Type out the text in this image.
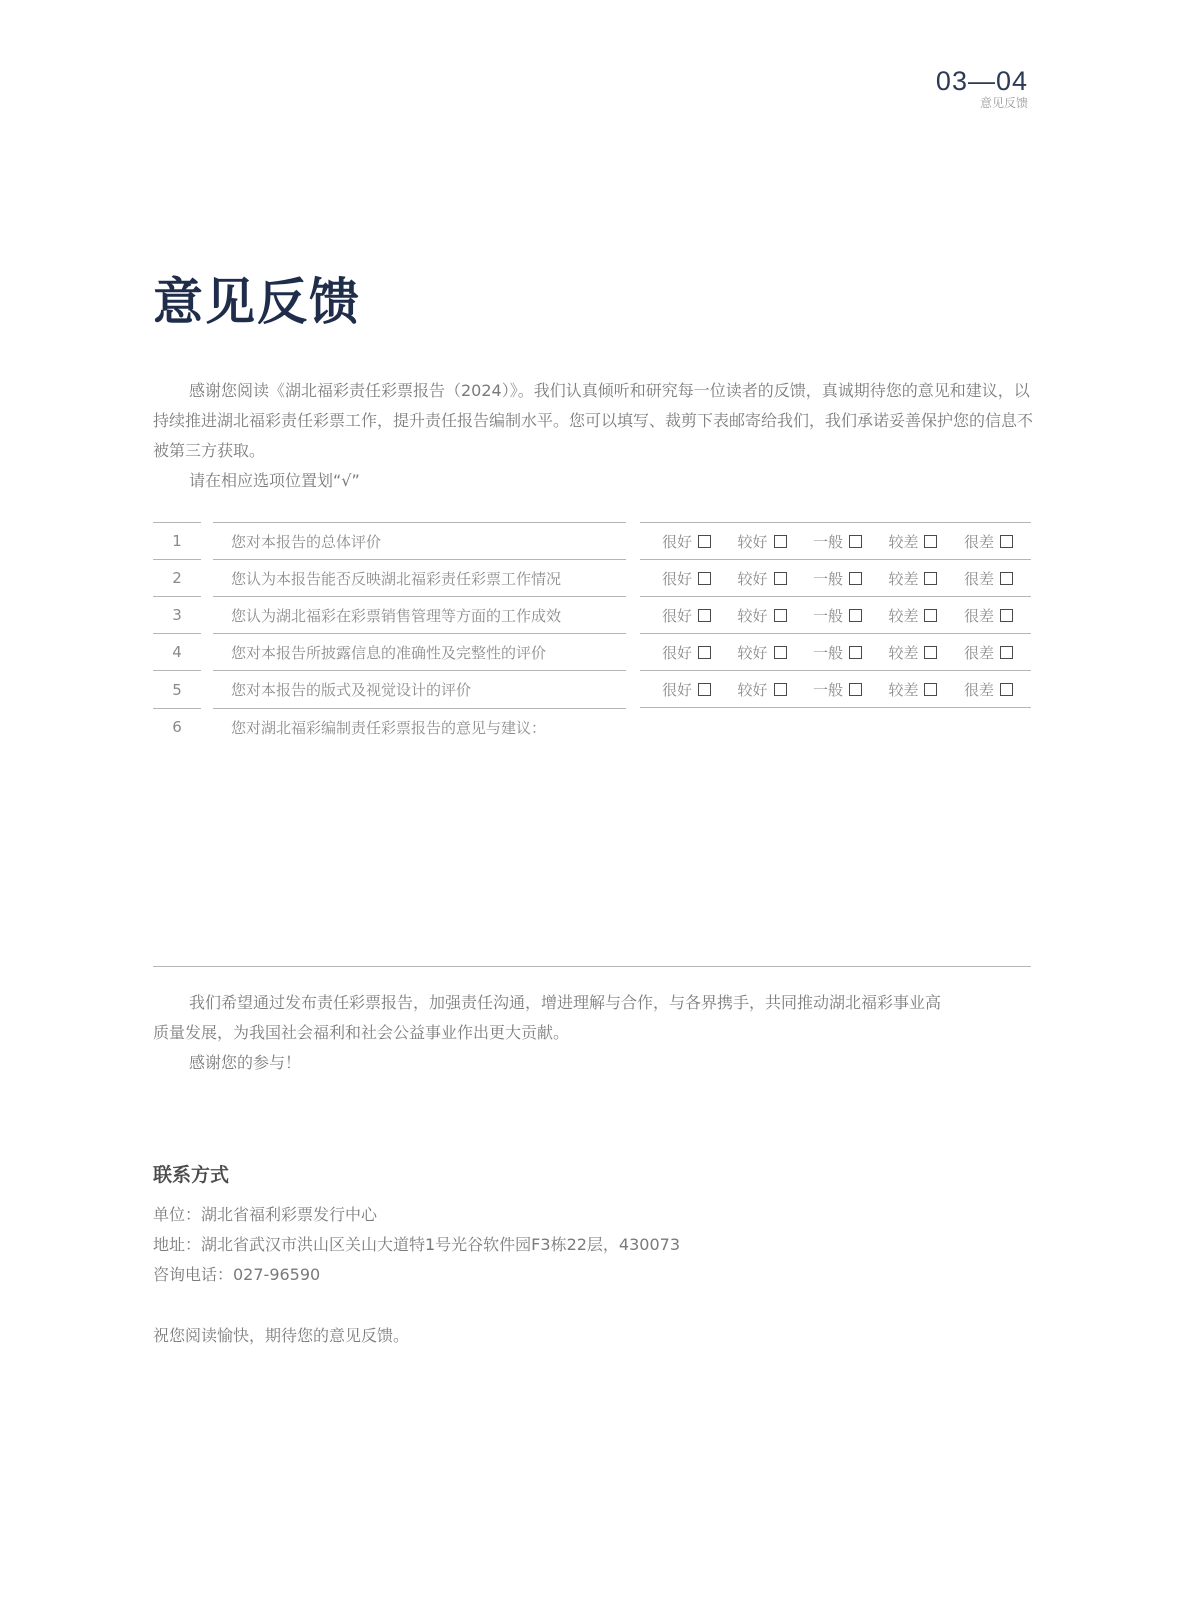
03—04
意见反馈
意见反馈

感谢您阅读《湖北福彩责任彩票报告（2024）》。我们认真倾听和研究每一位读者的反馈，真诚期待您的意见和建议，以持续推进湖北福彩责任彩票工作，提升责任报告编制水平。您可以填写、裁剪下表邮寄给我们，我们承诺妥善保护您的信息不被第三方获取。

请在相应选项位置划“√”

1		您对本报告的总体评价		很好 较好 一般 较差 很差

2		您认为本报告能否反映湖北福彩责任彩票工作情况		很好 较好 一般 较差 很差

3		您认为湖北福彩在彩票销售管理等方面的工作成效		很好 较好 一般 较差 很差

4		您对本报告所披露信息的准确性及完整性的评价		很好 较好 一般 较差 很差

5		您对本报告的版式及视觉设计的评价		很好 较好 一般 较差 很差

6		您对湖北福彩编制责任彩票报告的意见与建议：		

我们希望通过发布责任彩票报告，加强责任沟通，增进理解与合作，与各界携手，共同推动湖北福彩事业高质量发展，为我国社会福利和社会公益事业作出更大贡献。

感谢您的参与！

联系方式
单位：湖北省福利彩票发行中心
地址：湖北省武汉市洪山区关山大道特1号光谷软件园F3栋22层，430073
咨询电话：027-96590

祝您阅读愉快，期待您的意见反馈。
